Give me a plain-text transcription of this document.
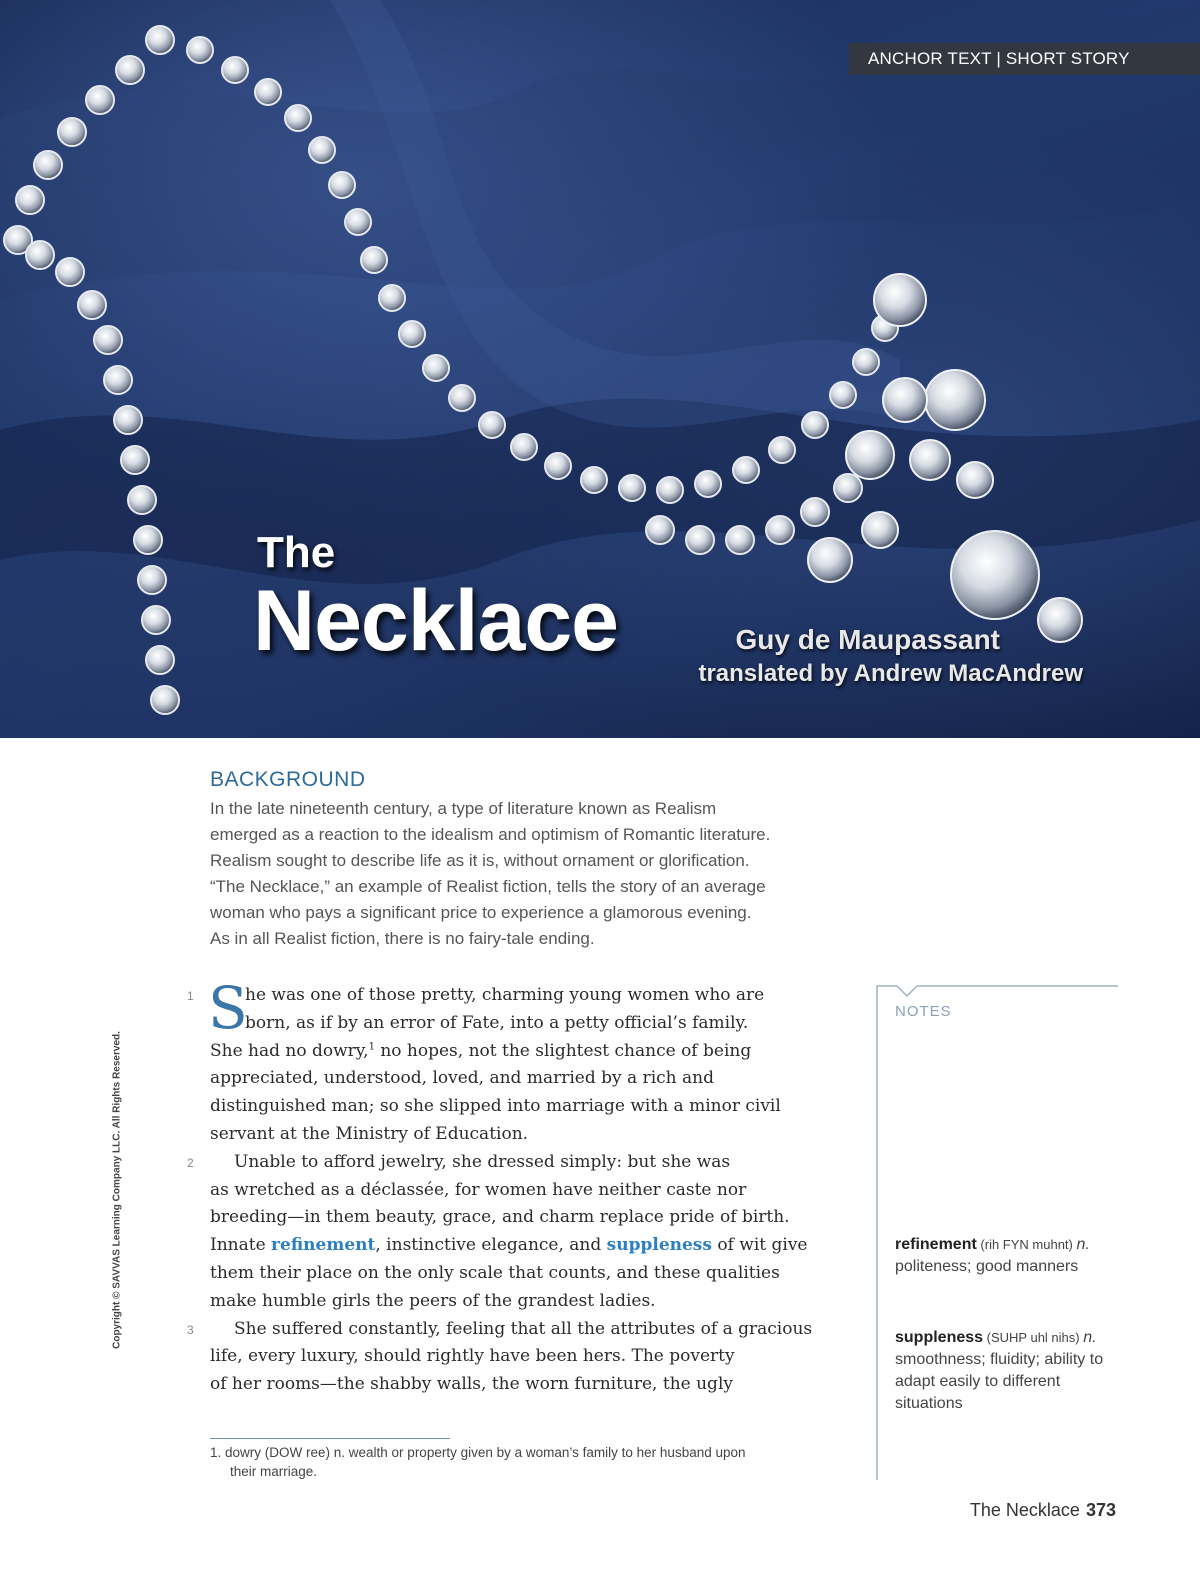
ANCHOR TEXT | SHORT STORY
The
Necklace	Guy de Maupassant
translated by Andrew MacAndrew
BACKGROUND
In the late nineteenth century, a type of literature known as Realism
emerged as a reaction to the idealism and optimism of Romantic literature.
Realism sought to describe life as it is, without ornament or glorification.
“The Necklace,” an example of Realist fiction, tells the story of an average
woman who pays a significant price to experience a glamorous evening.
As in all Realist fiction, there is no fairy-tale ending.
S
1
2
3
he was one of those pretty, charming young women who are
born, as if by an error of Fate, into a petty official’s family.
She had no dowry,$^1$ no hopes, not the slightest chance of being
appreciated, understood, loved, and married by a rich and
distinguished man; so she slipped into marriage with a minor civil
servant at the Ministry of Education.
Unable to afford jewelry, she dressed simply: but she was
as wretched as a déclassée, for women have neither caste nor
breeding—in them beauty, grace, and charm replace pride of birth.
Innate refinement, instinctive elegance, and suppleness of wit give
them their place on the only scale that counts, and these qualities
make humble girls the peers of the grandest ladies.
She suffered constantly, feeling that all the attributes of a gracious
life, every luxury, should rightly have been hers. The poverty
of her rooms—the shabby walls, the worn furniture, the ugly
1. dowry (DOW ree) n. wealth or property given by a woman’s family to her husband upon
their marriage.
NOTES
refinement (rih FYN muhnt) n.
politeness; good manners
suppleness (SUHP uhl nihs) n.
smoothness; fluidity; ability to adapt easily to different situations
Copyright © SAVVAS Learning Company LLC. All Rights Reserved.
The Necklace 373
